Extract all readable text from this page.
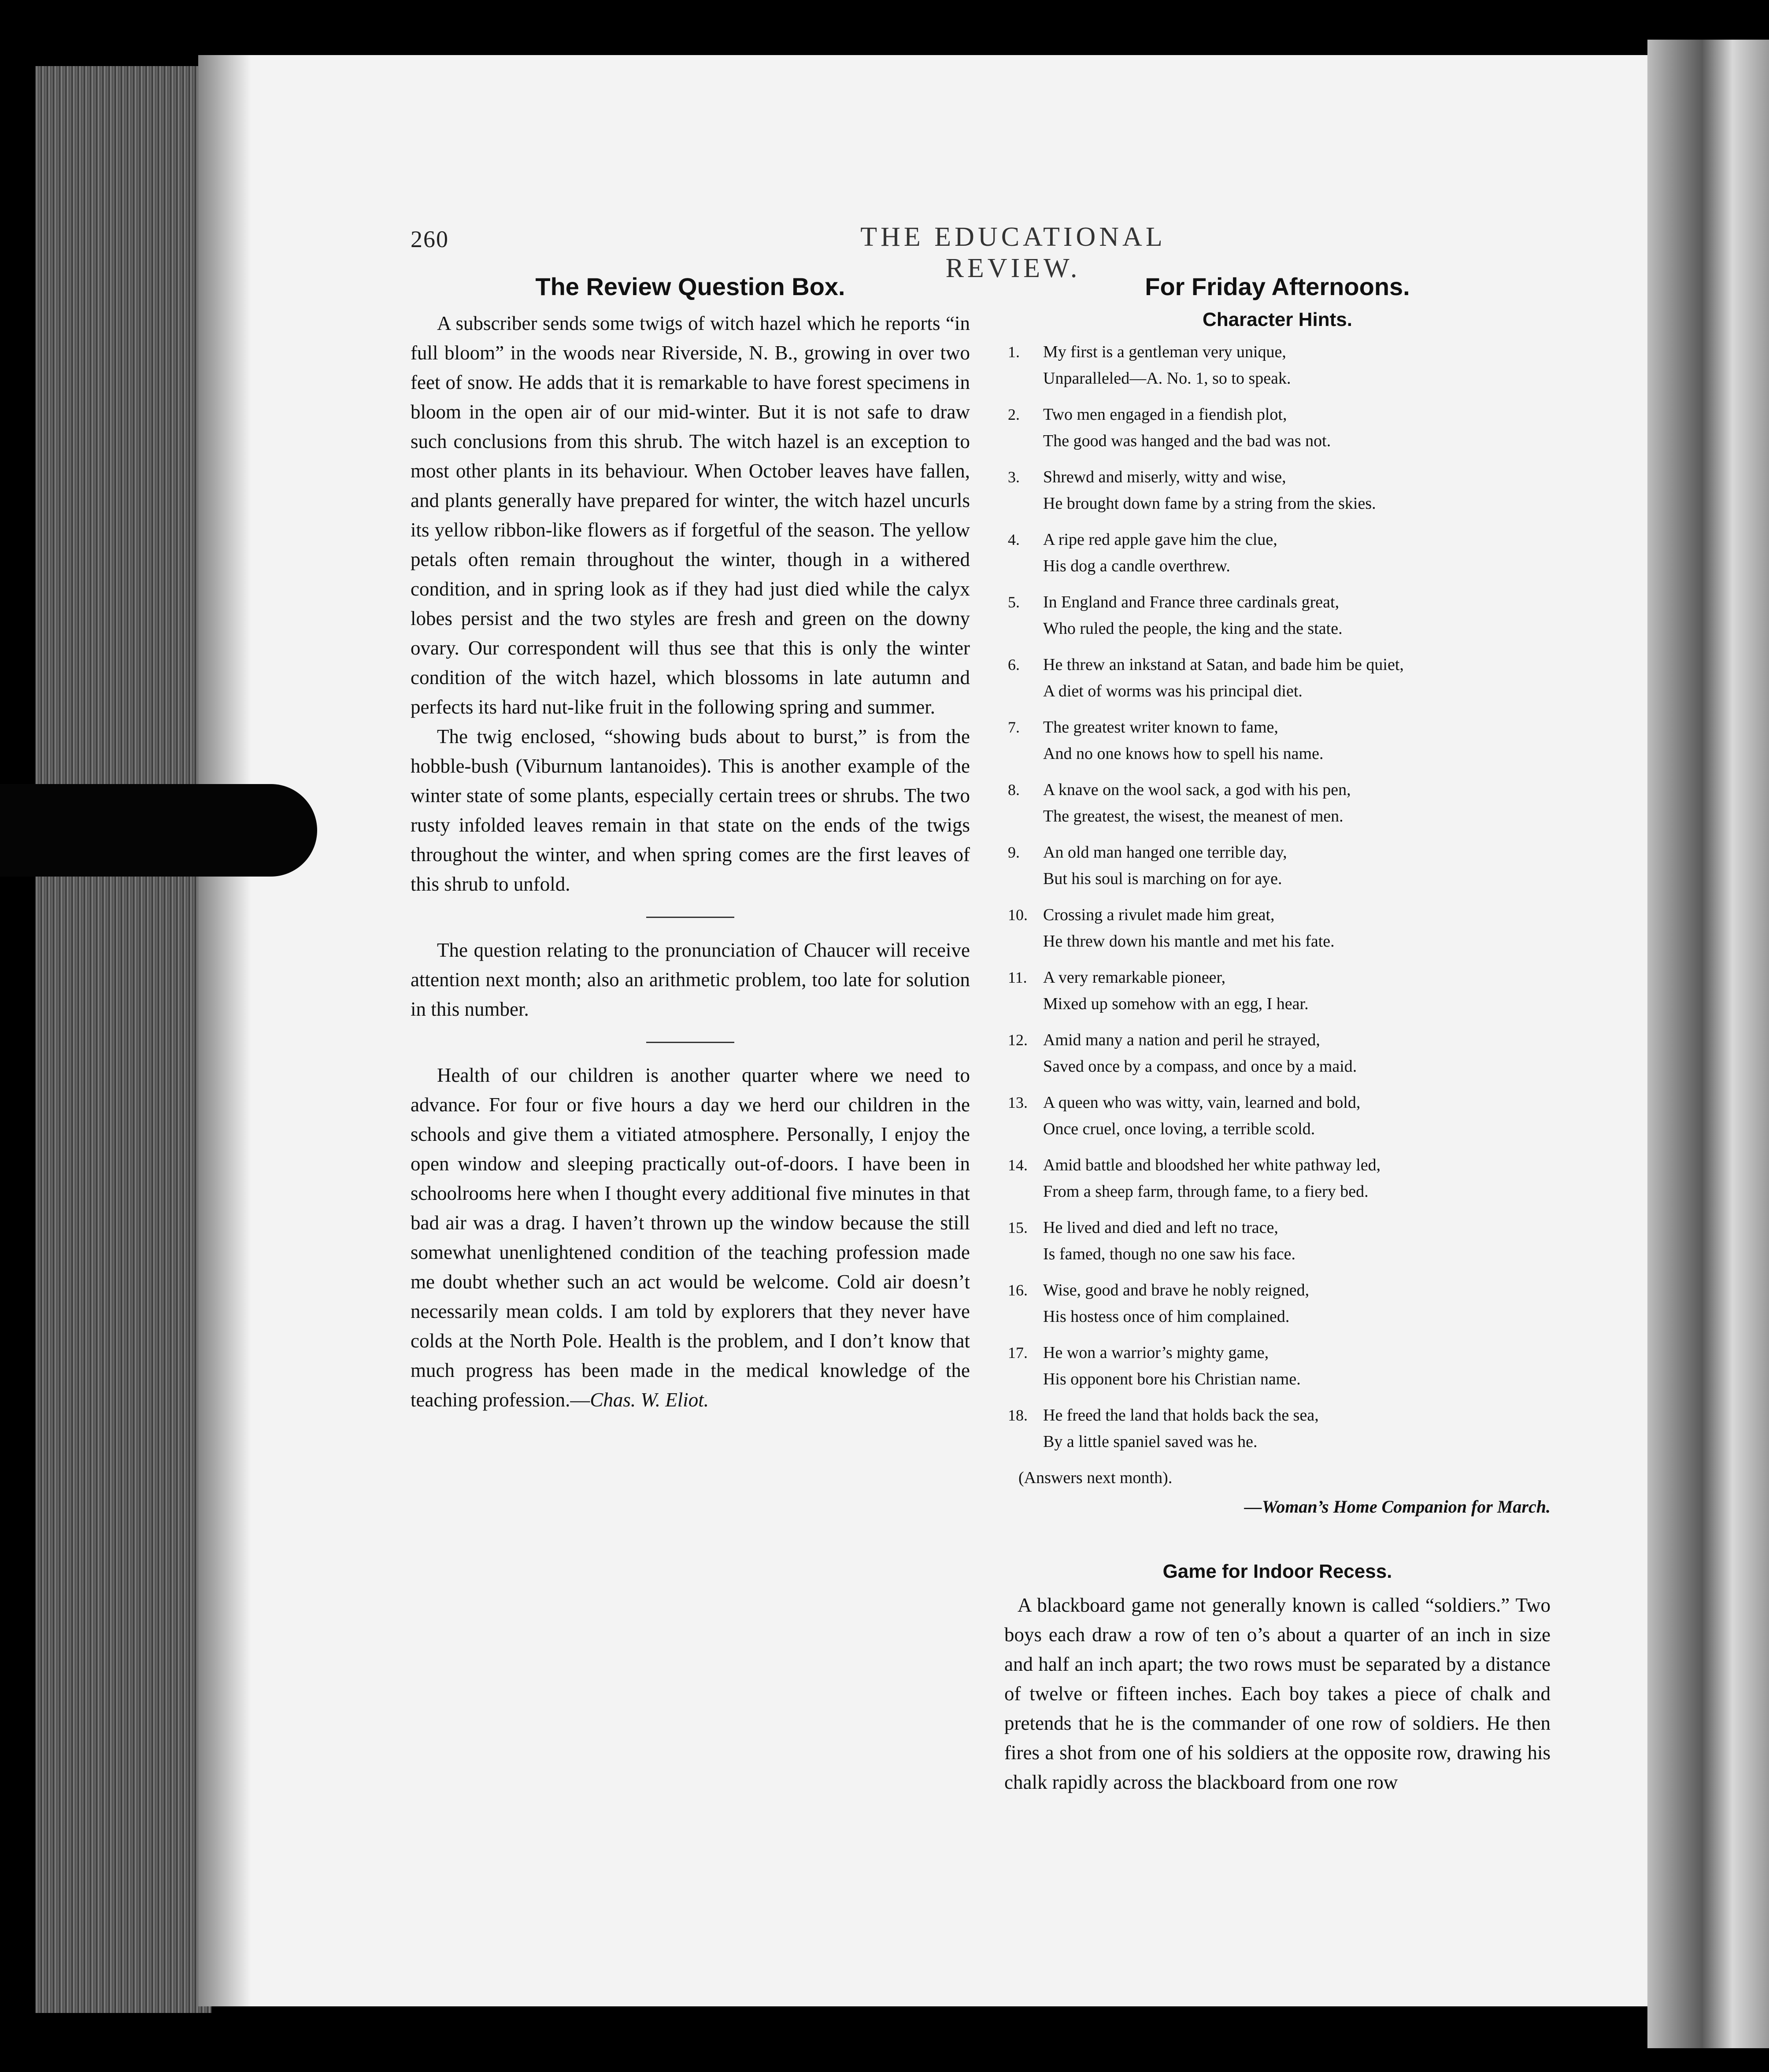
260	THE EDUCATIONAL REVIEW.
The Review Question Box.

A subscriber sends some twigs of witch hazel which he reports “in full bloom” in the woods near Riverside, N. B., growing in over two feet of snow. He adds that it is remarkable to have forest specimens in bloom in the open air of our mid-winter. But it is not safe to draw such conclusions from this shrub. The witch hazel is an exception to most other plants in its behaviour. When October leaves have fallen, and plants generally have prepared for winter, the witch hazel uncurls its yellow ribbon-like flowers as if forgetful of the season. The yellow petals often remain throughout the winter, though in a withered condition, and in spring look as if they had just died while the calyx lobes persist and the two styles are fresh and green on the downy ovary. Our correspondent will thus see that this is only the winter condition of the witch hazel, which blossoms in late autumn and perfects its hard nut-like fruit in the following spring and summer.

The twig enclosed, “showing buds about to burst,” is from the hobble-bush (Viburnum lantanoides). This is another example of the winter state of some plants, especially certain trees or shrubs. The two rusty infolded leaves remain in that state on the ends of the twigs throughout the winter, and when spring comes are the first leaves of this shrub to unfold.

The question relating to the pronunciation of Chaucer will receive attention next month; also an arithmetic problem, too late for solution in this number.

Health of our children is another quarter where we need to advance. For four or five hours a day we herd our children in the schools and give them a vitiated atmosphere. Personally, I enjoy the open window and sleeping practically out-of-doors. I have been in schoolrooms here when I thought every additional five minutes in that bad air was a drag. I haven’t thrown up the window because the still somewhat unenlightened condition of the teaching profession made me doubt whether such an act would be welcome. Cold air doesn’t necessarily mean colds. I am told by explorers that they never have colds at the North Pole. Health is the problem, and I don’t know that much progress has been made in the medical knowledge of the teaching profession.—Chas. W. Eliot.

For Friday Afternoons.
Character Hints.
1.	My first is a gentleman very unique,
Unparalleled—A. No. 1, so to speak.
2.	Two men engaged in a fiendish plot,
The good was hanged and the bad was not.
3.	Shrewd and miserly, witty and wise,
He brought down fame by a string from the skies.
4.	A ripe red apple gave him the clue,
His dog a candle overthrew.
5.	In England and France three cardinals great,
Who ruled the people, the king and the state.
6.	He threw an inkstand at Satan, and bade him be quiet,
A diet of worms was his principal diet.
7.	The greatest writer known to fame,
And no one knows how to spell his name.
8.	A knave on the wool sack, a god with his pen,
The greatest, the wisest, the meanest of men.
9.	An old man hanged one terrible day,
But his soul is marching on for aye.
10. Crossing a rivulet made him great,
He threw down his mantle and met his fate.
11. A very remarkable pioneer,
Mixed up somehow with an egg, I hear.
12. Amid many a nation and peril he strayed,
Saved once by a compass, and once by a maid.
13. A queen who was witty, vain, learned and bold,
Once cruel, once loving, a terrible scold.
14. Amid battle and bloodshed her white pathway led,
From a sheep farm, through fame, to a fiery bed.
15. He lived and died and left no trace,
Is famed, though no one saw his face.
16. Wise, good and brave he nobly reigned,
His hostess once of him complained.
17. He won a warrior’s mighty game,
His opponent bore his Christian name.
18. He freed the land that holds back the sea,
By a little spaniel saved was he.
(Answers next month).
—Woman’s Home Companion for March.
Game for Indoor Recess.

A blackboard game not generally known is called “soldiers.” Two boys each draw a row of ten o’s about a quarter of an inch in size and half an inch apart; the two rows must be separated by a distance of twelve or fifteen inches. Each boy takes a piece of chalk and pretends that he is the commander of one row of soldiers. He then fires a shot from one of his soldiers at the opposite row, drawing his chalk rapidly across the blackboard from one row
